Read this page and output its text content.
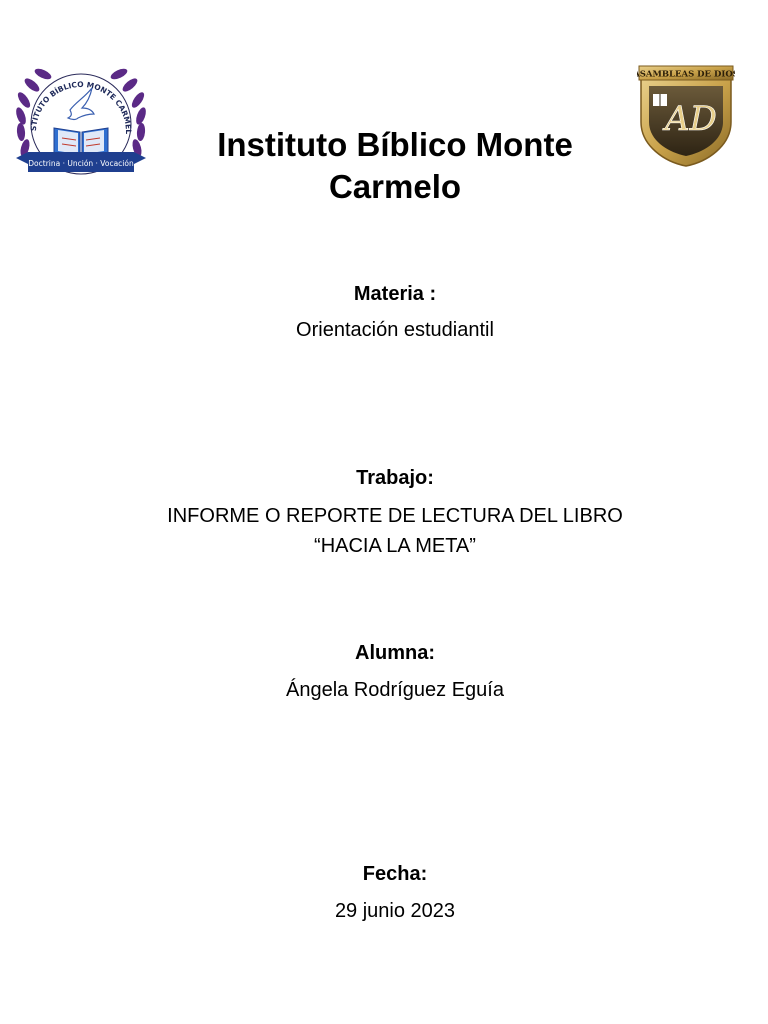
STITUTO BÍBLICO MONTE CARMEL
Doctrina · Unción · Vocación
ASAMBLEAS DE DIOS
AD
Instituto Bíblico Monte Carmelo
Materia :
Orientación estudiantil
Trabajo:
INFORME O REPORTE DE LECTURA DEL LIBRO “HACIA LA META”
Alumna:
Ángela Rodríguez Eguía
Fecha:
29 junio 2023
